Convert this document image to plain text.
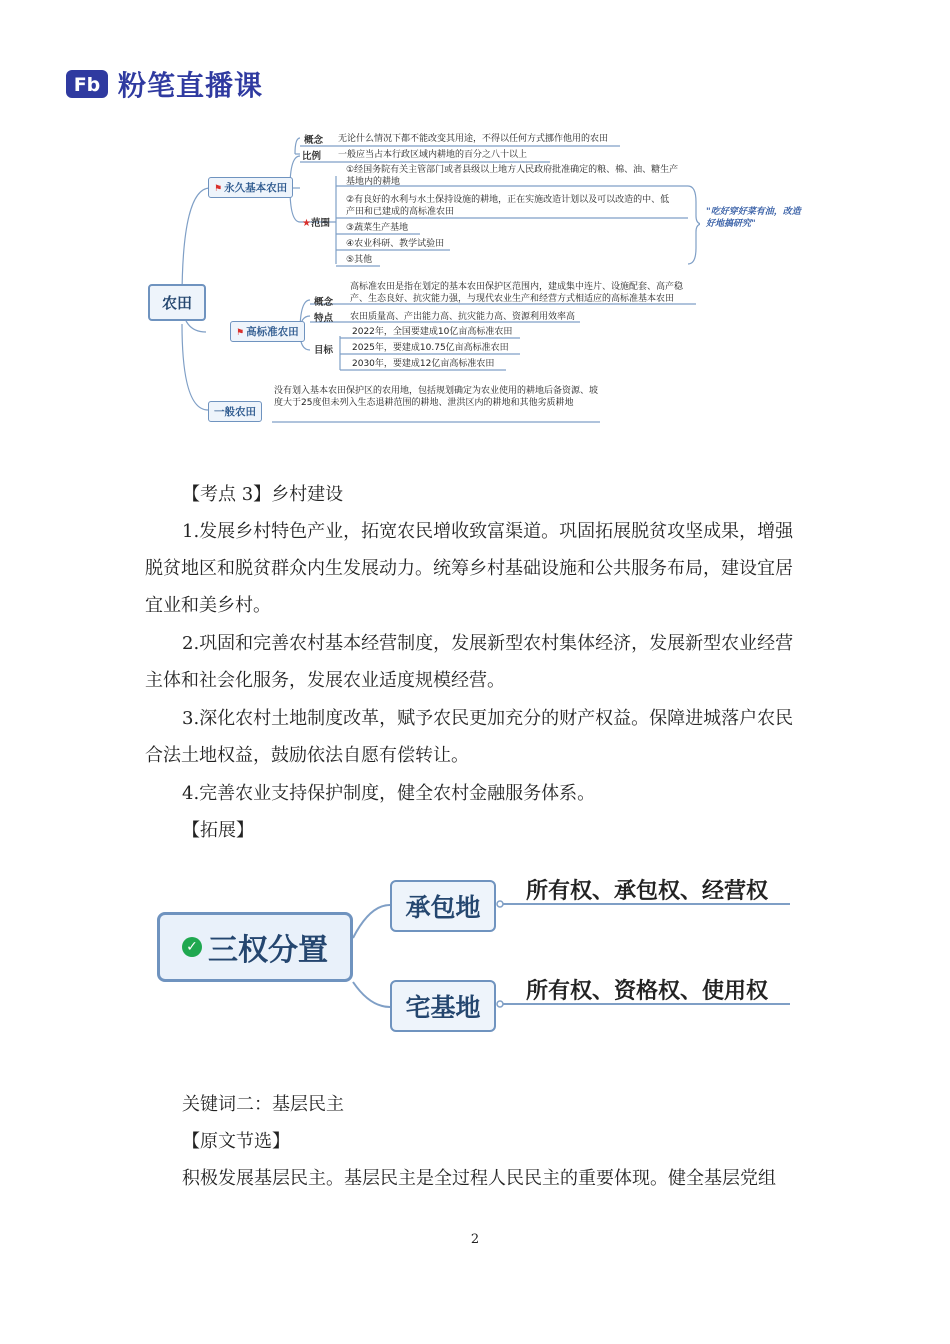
Fb 粉笔直播课
农田
⚑ 永久基本农田
概念 无论什么情况下都不能改变其用途，不得以任何方式挪作他用的农田
比例 一般应当占本行政区域内耕地的百分之八十以上
★范围
①经国务院有关主管部门或者县级以上地方人民政府批准确定的粮、棉、油、糖生产基地内的耕地
②有良好的水利与水土保持设施的耕地，正在实施改造计划以及可以改造的中、低产田和已建成的高标准农田
③蔬菜生产基地
④农业科研、教学试验田
⑤其他
"吃好穿好菜有油，改造好地搞研究"
⚑ 高标准农田
概念
高标准农田是指在划定的基本农田保护区范围内，建成集中连片、设施配套、高产稳产、生态良好、抗灾能力强，与现代农业生产和经营方式相适应的高标准基本农田
特点 农田质量高、产出能力高、抗灾能力高、资源利用效率高
目标
2022年，全国要建成10亿亩高标准农田
2025年，要建成10.75亿亩高标准农田
2030年，要建成12亿亩高标准农田
一般农田
没有划入基本农田保护区的农用地，包括规划确定为农业使用的耕地后备资源、坡度大于25度但未列入生态退耕范围的耕地、泄洪区内的耕地和其他劣质耕地
【考点 3】乡村建设
1.发展乡村特色产业，拓宽农民增收致富渠道。巩固拓展脱贫攻坚成果，增强脱贫地区和脱贫群众内生发展动力。统筹乡村基础设施和公共服务布局，建设宜居宜业和美乡村。
2.巩固和完善农村基本经营制度，发展新型农村集体经济，发展新型农业经营主体和社会化服务，发展农业适度规模经营。
3.深化农村土地制度改革，赋予农民更加充分的财产权益。保障进城落户农民合法土地权益，鼓励依法自愿有偿转让。
4.完善农业支持保护制度，健全农村金融服务体系。
【拓展】
✓ 三权分置
承包地
所有权、承包权、经营权
宅基地
所有权、资格权、使用权
关键词二：基层民主
【原文节选】
积极发展基层民主。基层民主是全过程人民民主的重要体现。健全基层党组
2
